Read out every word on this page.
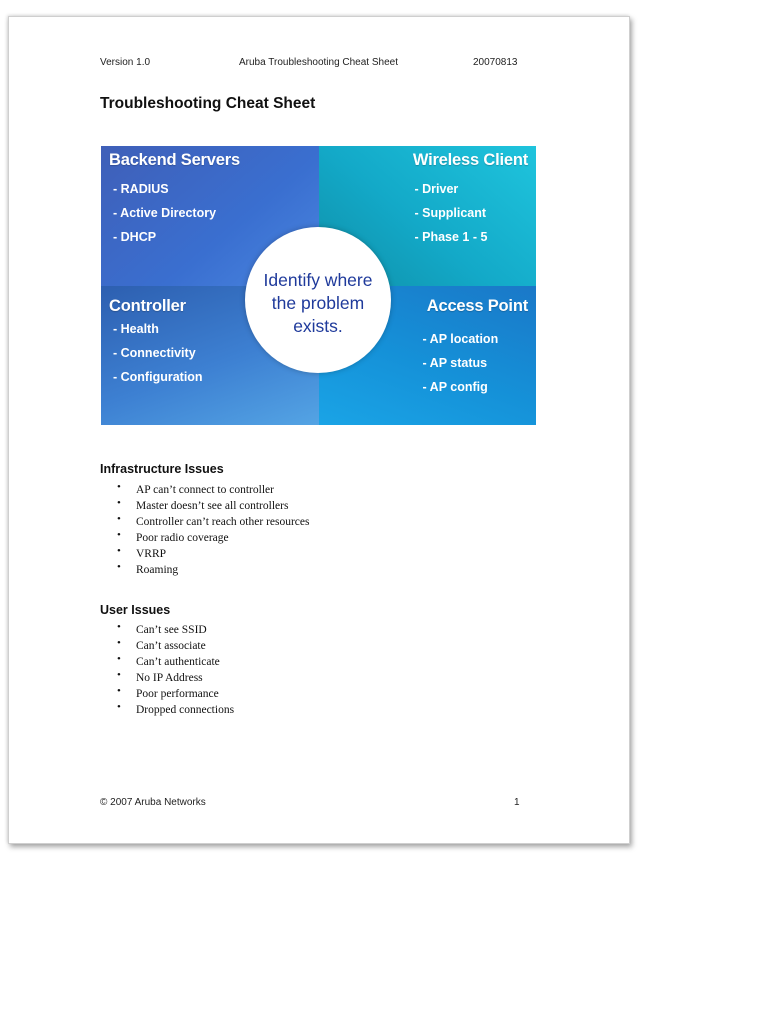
Version 1.0	Aruba Troubleshooting Cheat Sheet	20070813
Troubleshooting Cheat Sheet
Backend Servers
- RADIUS
- Active Directory
- DHCP
Wireless Client
- Driver
- Supplicant
- Phase 1 - 5
Controller
- Health
- Connectivity
- Configuration
Access Point
- AP location
- AP status
- AP config
Identify where
the problem
exists.
Infrastructure Issues
• AP can’t connect to controller
• Master doesn’t see all controllers
• Controller can’t reach other resources
• Poor radio coverage
• VRRP
• Roaming
User Issues
• Can’t see SSID
• Can’t associate
• Can’t authenticate
• No IP Address
• Poor performance
• Dropped connections
© 2007 Aruba Networks	1
